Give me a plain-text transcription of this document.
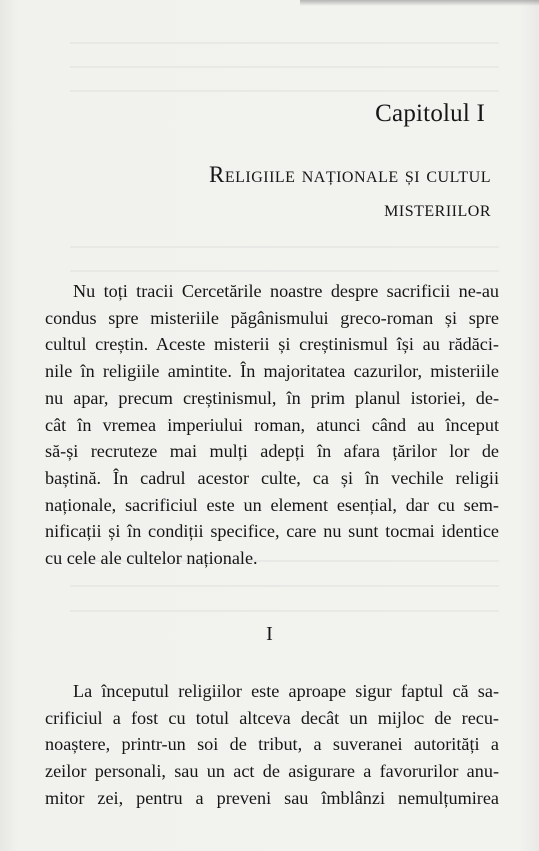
Capitolul I
Religiile naționale și cultul
misteriilor
Nu toți tracii Cercetările noastre despre sacrificii ne-au
condus spre misteriile păgânismului greco-roman și spre
cultul creștin. Aceste misterii și creștinismul își au rădăci-
nile în religiile amintite. În majoritatea cazurilor, misteriile
nu apar, precum creștinismul, în prim planul istoriei, de-
cât în vremea imperiului roman, atunci când au început
să-și recruteze mai mulți adepți în afara țărilor lor de
baștină. În cadrul acestor culte, ca și în vechile religii
naționale, sacrificiul este un element esențial, dar cu sem-
nificații și în condiții specifice, care nu sunt tocmai identice
cu cele ale cultelor naționale.
I
La începutul religiilor este aproape sigur faptul că sa-
crificiul a fost cu totul altceva decât un mijloc de recu-
noaștere, printr-un soi de tribut, a suveranei autorități a
zeilor personali, sau un act de asigurare a favorurilor anu-
mitor zei, pentru a preveni sau îmblânzi nemulțumirea
